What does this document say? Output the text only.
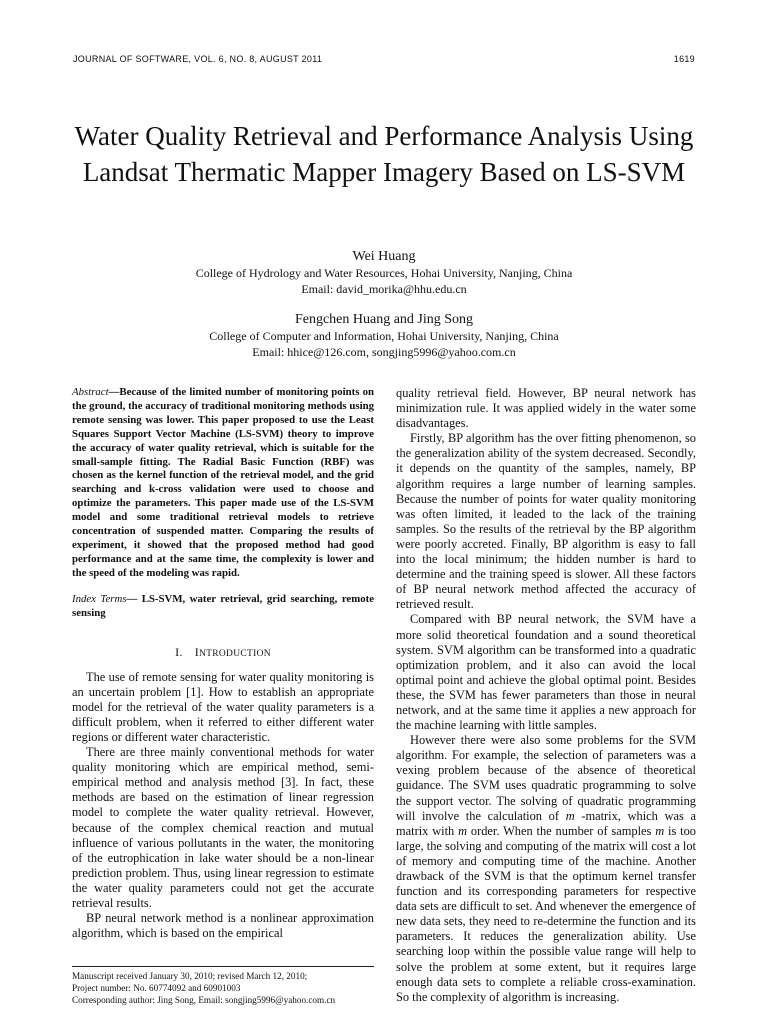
JOURNAL OF SOFTWARE, VOL. 6, NO. 8, AUGUST 2011	1619
Water Quality Retrieval and Performance Analysis Using Landsat Thermatic Mapper Imagery Based on LS-SVM
Wei Huang
College of Hydrology and Water Resources, Hohai University, Nanjing, China
Email: david_morika@hhu.edu.cn
Fengchen Huang and Jing Song
College of Computer and Information, Hohai University, Nanjing, China
Email: hhice@126.com, songjing5996@yahoo.com.cn

Abstract—Because of the limited number of monitoring points on the ground, the accuracy of traditional monitoring methods using remote sensing was lower. This paper proposed to use the Least Squares Support Vector Machine (LS-SVM) theory to improve the accuracy of water quality retrieval, which is suitable for the small-sample fitting. The Radial Basic Function (RBF) was chosen as the kernel function of the retrieval model, and the grid searching and k-cross validation were used to choose and optimize the parameters. This paper made use of the LS-SVM model and some traditional retrieval models to retrieve concentration of suspended matter. Comparing the results of experiment, it showed that the proposed method had good performance and at the same time, the complexity is lower and the speed of the modeling was rapid.

Index Terms— LS-SVM, water retrieval, grid searching, remote sensing

I. INTRODUCTION

The use of remote sensing for water quality monitoring is an uncertain problem [1]. How to establish an appropriate model for the retrieval of the water quality parameters is a difficult problem, when it referred to either different water regions or different water characteristic.

There are three mainly conventional methods for water quality monitoring which are empirical method, semi-empirical method and analysis method [3]. In fact, these methods are based on the estimation of linear regression model to complete the water quality retrieval. However, because of the complex chemical reaction and mutual influence of various pollutants in the water, the monitoring of the eutrophication in lake water should be a non-linear prediction problem. Thus, using linear regression to estimate the water quality parameters could not get the accurate retrieval results.

BP neural network method is a nonlinear approximation algorithm, which is based on the empirical

Manuscript received January 30, 2010; revised March 12, 2010;
Project number: No. 60774092 and 60901003
Corresponding author: Jing Song, Email: songjing5996@yahoo.com.cn

quality retrieval field. However, BP neural network has minimization rule. It was applied widely in the water some disadvantages.

Firstly, BP algorithm has the over fitting phenomenon, so the generalization ability of the system decreased. Secondly, it depends on the quantity of the samples, namely, BP algorithm requires a large number of learning samples. Because the number of points for water quality monitoring was often limited, it leaded to the lack of the training samples. So the results of the retrieval by the BP algorithm were poorly accreted. Finally, BP algorithm is easy to fall into the local minimum; the hidden number is hard to determine and the training speed is slower. All these factors of BP neural network method affected the accuracy of retrieved result.

Compared with BP neural network, the SVM have a more solid theoretical foundation and a sound theoretical system. SVM algorithm can be transformed into a quadratic optimization problem, and it also can avoid the local optimal point and achieve the global optimal point. Besides these, the SVM has fewer parameters than those in neural network, and at the same time it applies a new approach for the machine learning with little samples.

However there were also some problems for the SVM algorithm. For example, the selection of parameters was a vexing problem because of the absence of theoretical guidance. The SVM uses quadratic programming to solve the support vector. The solving of quadratic programming will involve the calculation of m -matrix, which was a matrix with m order. When the number of samples m is too large, the solving and computing of the matrix will cost a lot of memory and computing time of the machine. Another drawback of the SVM is that the optimum kernel transfer function and its corresponding parameters for respective data sets are difficult to set. And whenever the emergence of new data sets, they need to re-determine the function and its parameters. It reduces the generalization ability. Use searching loop within the possible value range will help to solve the problem at some extent, but it requires large enough data sets to complete a reliable cross-examination. So the complexity of algorithm is increasing.
